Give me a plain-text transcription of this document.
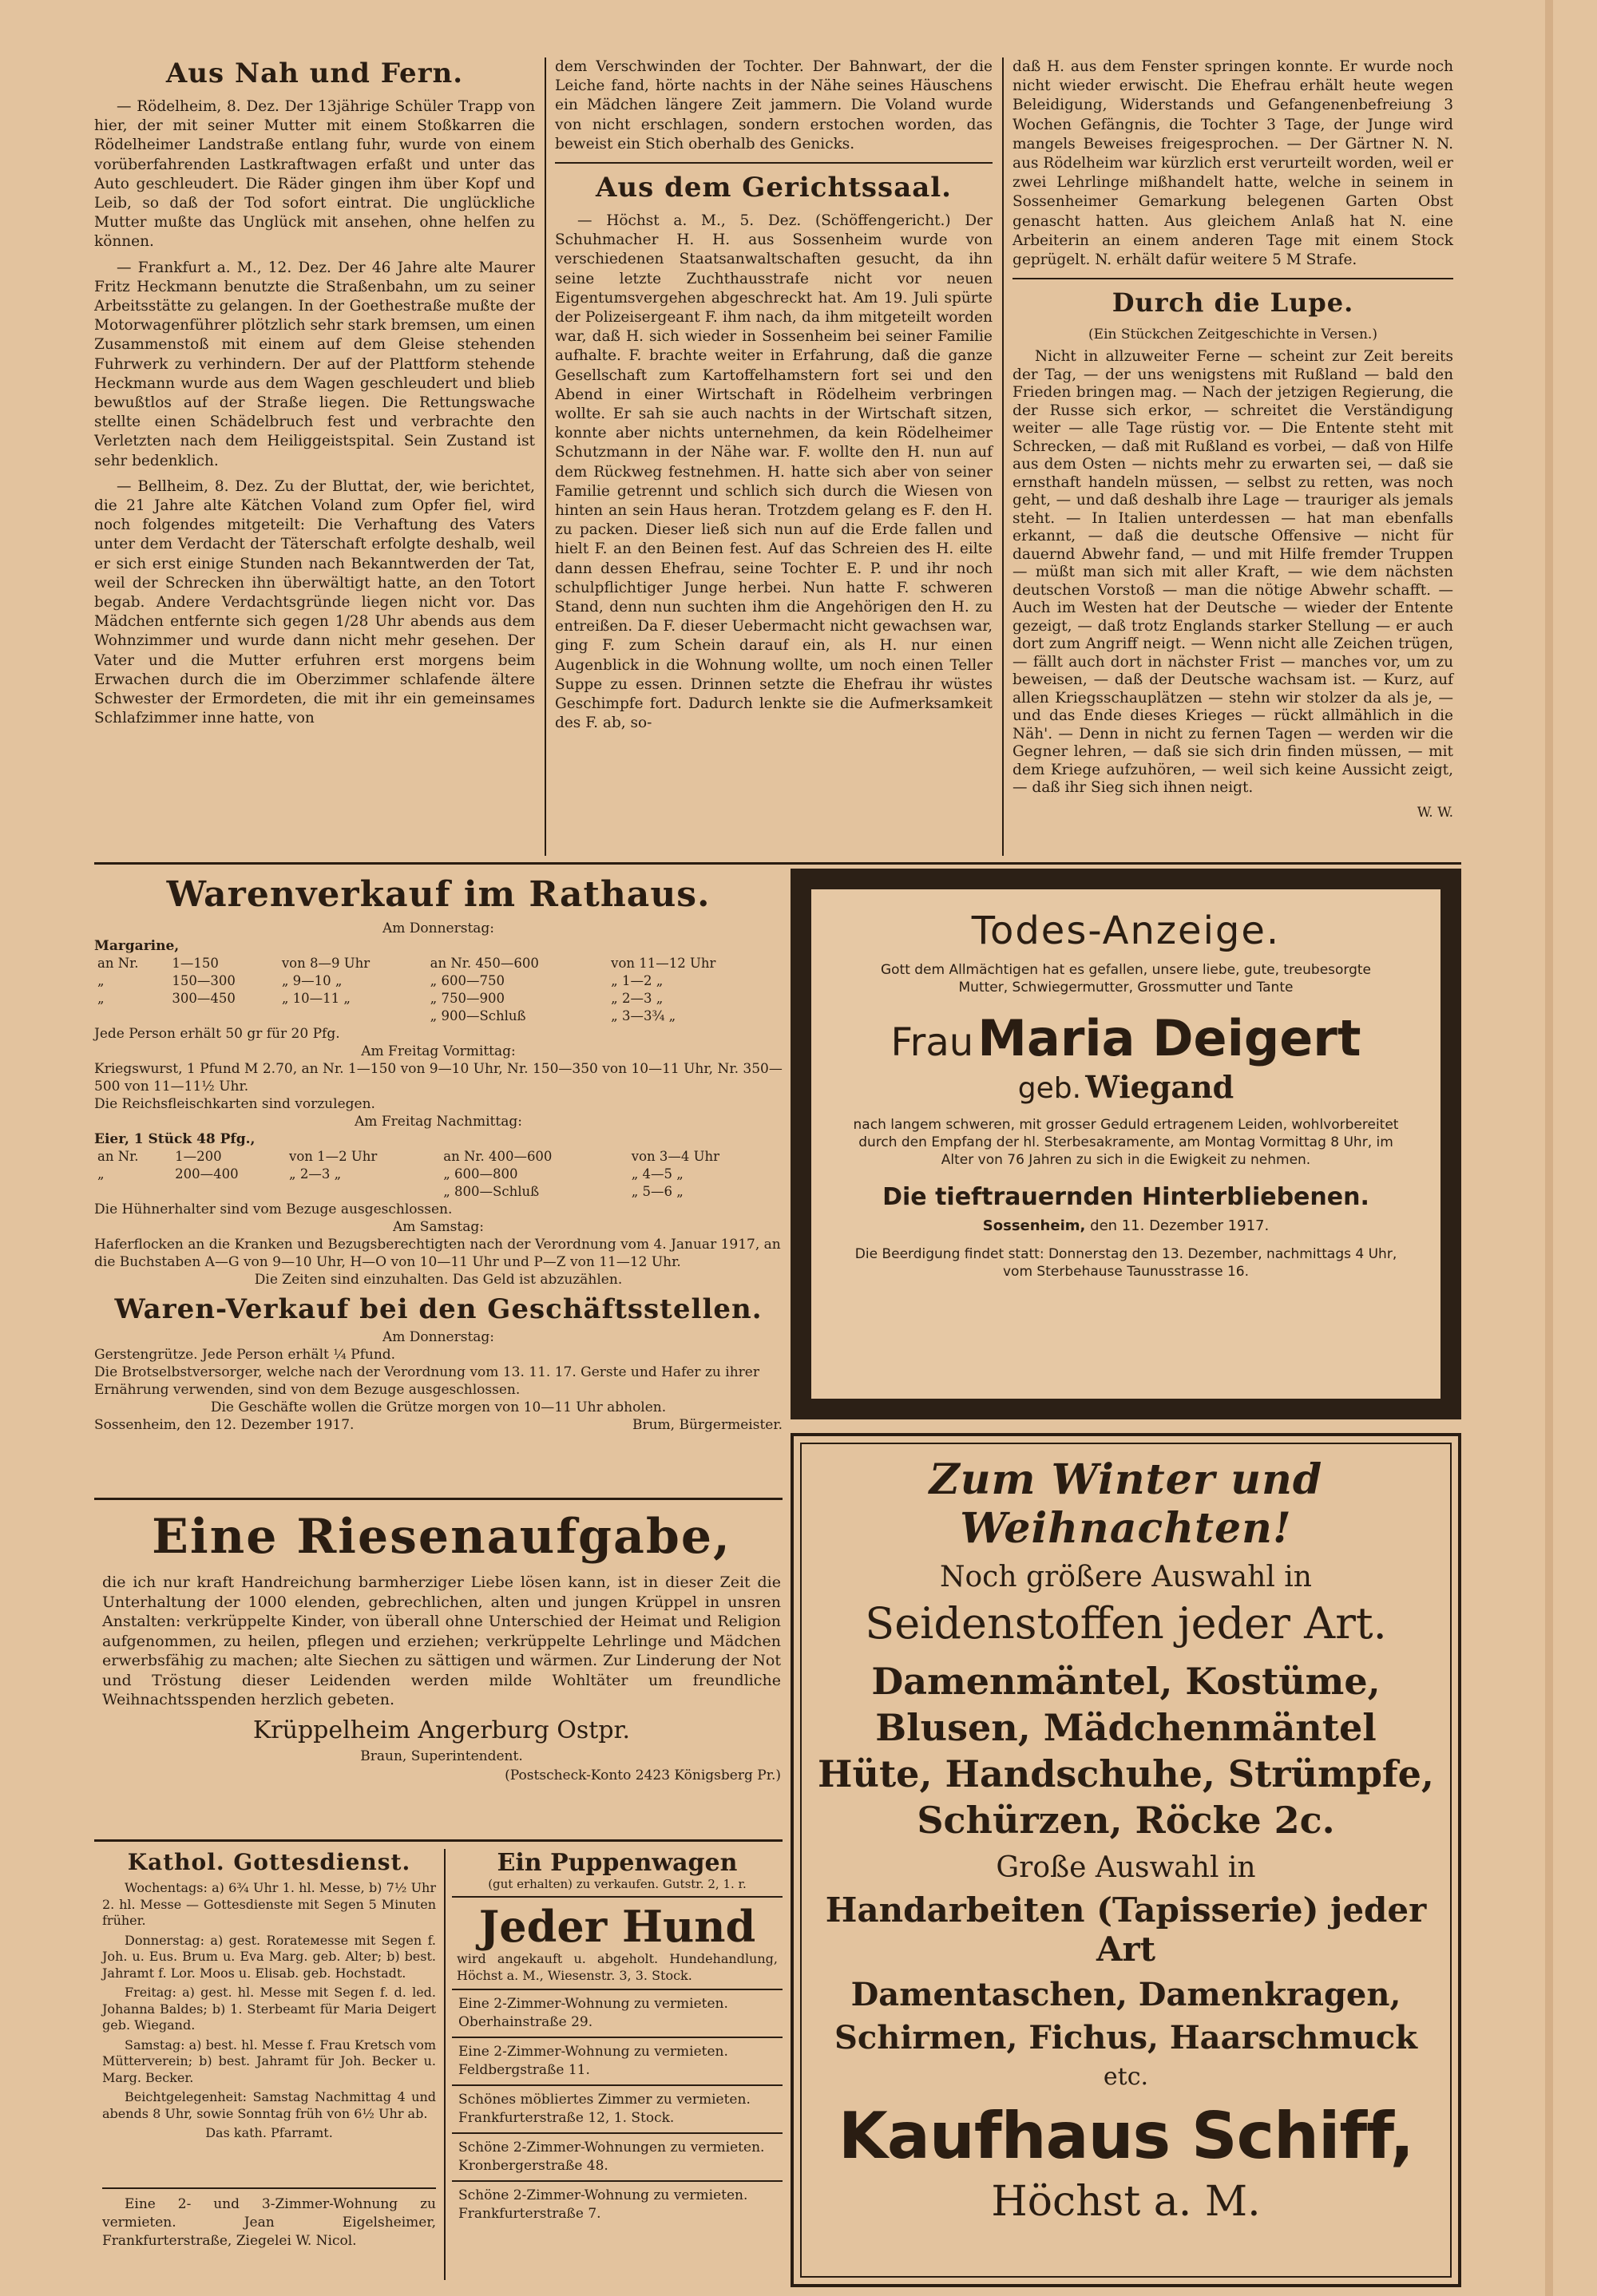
Aus Nah und Fern.

— Rödelheim, 8. Dez. Der 13jährige Schüler Trapp von hier, der mit seiner Mutter mit einem Stoßkarren die Rödelheimer Landstraße entlang fuhr, wurde von einem vorüberfahrenden Lastkraftwagen erfaßt und unter das Auto geschleudert. Die Räder gingen ihm über Kopf und Leib, so daß der Tod sofort eintrat. Die unglückliche Mutter mußte das Unglück mit ansehen, ohne helfen zu können.

— Frankfurt a. M., 12. Dez. Der 46 Jahre alte Maurer Fritz Heckmann benutzte die Straßenbahn, um zu seiner Arbeitsstätte zu gelangen. In der Goethestraße mußte der Motorwagenführer plötzlich sehr stark bremsen, um einen Zusammenstoß mit einem auf dem Gleise stehenden Fuhrwerk zu verhindern. Der auf der Plattform stehende Heckmann wurde aus dem Wagen geschleudert und blieb bewußtlos auf der Straße liegen. Die Rettungswache stellte einen Schädelbruch fest und verbrachte den Verletzten nach dem Heiliggeistspital. Sein Zustand ist sehr bedenklich.

— Bellheim, 8. Dez. Zu der Bluttat, der, wie berichtet, die 21 Jahre alte Kätchen Voland zum Opfer fiel, wird noch folgendes mitgeteilt: Die Verhaftung des Vaters unter dem Verdacht der Täterschaft erfolgte deshalb, weil er sich erst einige Stunden nach Bekanntwerden der Tat, weil der Schrecken ihn überwältigt hatte, an den Totort begab. Andere Verdachtsgründe liegen nicht vor. Das Mädchen entfernte sich gegen 1/28 Uhr abends aus dem Wohnzimmer und wurde dann nicht mehr gesehen. Der Vater und die Mutter erfuhren erst morgens beim Erwachen durch die im Oberzimmer schlafende ältere Schwester der Ermordeten, die mit ihr ein gemeinsames Schlafzimmer inne hatte, von

dem Verschwinden der Tochter. Der Bahnwart, der die Leiche fand, hörte nachts in der Nähe seines Häuschens ein Mädchen längere Zeit jammern. Die Voland wurde von nicht erschlagen, sondern erstochen worden, das beweist ein Stich oberhalb des Genicks.

Aus dem Gerichtssaal.

— Höchst a. M., 5. Dez. (Schöffengericht.) Der Schuhmacher H. H. aus Sossenheim wurde von verschiedenen Staatsanwaltschaften gesucht, da ihn seine letzte Zuchthausstrafe nicht vor neuen Eigentumsvergehen abgeschreckt hat. Am 19. Juli spürte der Polizeisergeant F. ihm nach, da ihm mitgeteilt worden war, daß H. sich wieder in Sossenheim bei seiner Familie aufhalte. F. brachte weiter in Erfahrung, daß die ganze Gesellschaft zum Kartoffelhamstern fort sei und den Abend in einer Wirtschaft in Rödelheim verbringen wollte. Er sah sie auch nachts in der Wirtschaft sitzen, konnte aber nichts unternehmen, da kein Rödelheimer Schutzmann in der Nähe war. F. wollte den H. nun auf dem Rückweg festnehmen. H. hatte sich aber von seiner Familie getrennt und schlich sich durch die Wiesen von hinten an sein Haus heran. Trotzdem gelang es F. den H. zu packen. Dieser ließ sich nun auf die Erde fallen und hielt F. an den Beinen fest. Auf das Schreien des H. eilte dann dessen Ehefrau, seine Tochter E. P. und ihr noch schulpflichtiger Junge herbei. Nun hatte F. schweren Stand, denn nun suchten ihm die Angehörigen den H. zu entreißen. Da F. dieser Uebermacht nicht gewachsen war, ging F. zum Schein darauf ein, als H. nur einen Augenblick in die Wohnung wollte, um noch einen Teller Suppe zu essen. Drinnen setzte die Ehefrau ihr wüstes Geschimpfe fort. Dadurch lenkte sie die Aufmerksamkeit des F. ab, so-

daß H. aus dem Fenster springen konnte. Er wurde noch nicht wieder erwischt. Die Ehefrau erhält heute wegen Beleidigung, Widerstands und Gefangenenbefreiung 3 Wochen Gefängnis, die Tochter 3 Tage, der Junge wird mangels Beweises freigesprochen. — Der Gärtner N. N. aus Rödelheim war kürzlich erst verurteilt worden, weil er zwei Lehrlinge mißhandelt hatte, welche in seinem in Sossenheimer Gemarkung belegenen Garten Obst genascht hatten. Aus gleichem Anlaß hat N. eine Arbeiterin an einem anderen Tage mit einem Stock geprügelt. N. erhält dafür weitere 5 M Strafe.

Durch die Lupe.

(Ein Stückchen Zeitgeschichte in Versen.)

Nicht in allzuweiter Ferne — scheint zur Zeit bereits der Tag, — der uns wenigstens mit Rußland — bald den Frieden bringen mag. — Nach der jetzigen Regierung, die der Russe sich erkor, — schreitet die Verständigung weiter — alle Tage rüstig vor. — Die Entente steht mit Schrecken, — daß mit Rußland es vorbei, — daß von Hilfe aus dem Osten — nichts mehr zu erwarten sei, — daß sie ernsthaft handeln müssen, — selbst zu retten, was noch geht, — und daß deshalb ihre Lage — trauriger als jemals steht. — In Italien unterdessen — hat man ebenfalls erkannt, — daß die deutsche Offensive — nicht für dauernd Abwehr fand, — und mit Hilfe fremder Truppen — müßt man sich mit aller Kraft, — wie dem nächsten deutschen Vorstoß — man die nötige Abwehr schafft. — Auch im Westen hat der Deutsche — wieder der Entente gezeigt, — daß trotz Englands starker Stellung — er auch dort zum Angriff neigt. — Wenn nicht alle Zeichen trügen, — fällt auch dort in nächster Frist — manches vor, um zu beweisen, — daß der Deutsche wachsam ist. — Kurz, auf allen Kriegsschauplätzen — stehn wir stolzer da als je, — und das Ende dieses Krieges — rückt allmählich in die Näh'. — Denn in nicht zu fernen Tagen — werden wir die Gegner lehren, — daß sie sich drin finden müssen, — mit dem Kriege aufzuhören, — weil sich keine Aussicht zeigt, — daß ihr Sieg sich ihnen neigt.

W. W.

Warenverkauf im Rathaus.

Am Donnerstag:

Margarine,

an Nr.	1—150	von 8—9 Uhr	an Nr. 450—600	von 11—12 Uhr
„	150—300	„ 9—10 „	„ 600—750	„ 1—2 „
„	300—450	„ 10—11 „	„ 750—900	„ 2—3 „
			„ 900—Schluß	„ 3—3¾ „

Jede Person erhält 50 gr für 20 Pfg.

Am Freitag Vormittag:

Kriegswurst, 1 Pfund M 2.70, an Nr. 1—150 von 9—10 Uhr, Nr. 150—350 von 10—11 Uhr, Nr. 350—500 von 11—11½ Uhr.

Die Reichsfleischkarten sind vorzulegen.

Am Freitag Nachmittag:

Eier, 1 Stück 48 Pfg.,

an Nr.	1—200	von 1—2 Uhr	an Nr. 400—600	von 3—4 Uhr
„	200—400	„ 2—3 „	„ 600—800	„ 4—5 „
			„ 800—Schluß	„ 5—6 „

Die Hühnerhalter sind vom Bezuge ausgeschlossen.

Am Samstag:

Haferflocken an die Kranken und Bezugsberechtigten nach der Verordnung vom 4. Januar 1917, an die Buchstaben A—G von 9—10 Uhr, H—O von 10—11 Uhr und P—Z von 11—12 Uhr.

Die Zeiten sind einzuhalten. Das Geld ist abzuzählen.

Waren-Verkauf bei den Geschäftsstellen.

Am Donnerstag:

Gerstengrütze. Jede Person erhält ¼ Pfund.

Die Brotselbstversorger, welche nach der Verordnung vom 13. 11. 17. Gerste und Hafer zu ihrer Ernährung verwenden, sind von dem Bezuge ausgeschlossen.

Die Geschäfte wollen die Grütze morgen von 10—11 Uhr abholen.

Sossenheim, den 12. Dezember 1917.	Brum, Bürgermeister.

Eine Riesenaufgabe,

die ich nur kraft Handreichung barmherziger Liebe lösen kann, ist in dieser Zeit die Unterhaltung der 1000 elenden, gebrechlichen, alten und jungen Krüppel in unsren Anstalten: verkrüppelte Kinder, von überall ohne Unterschied der Heimat und Religion aufgenommen, zu heilen, pflegen und erziehen; verkrüppelte Lehrlinge und Mädchen erwerbsfähig zu machen; alte Siechen zu sättigen und wärmen. Zur Linderung der Not und Tröstung dieser Leidenden werden milde Wohltäter um freundliche Weihnachtsspenden herzlich gebeten.

Krüppelheim Angerburg Ostpr.

Braun, Superintendent.

(Postscheck-Konto 2423 Königsberg Pr.)

Kathol. Gottesdienst.

Wochentags: a) 6¾ Uhr 1. hl. Messe, b) 7½ Uhr 2. hl. Messe — Gottesdienste mit Segen 5 Minuten früher.

Donnerstag: a) gest. Rorateмesse mit Segen f. Joh. u. Eus. Brum u. Eva Marg. geb. Alter; b) best. Jahramt f. Lor. Moos u. Elisab. geb. Hochstadt.

Freitag: a) gest. hl. Messe mit Segen f. d. led. Johanna Baldes; b) 1. Sterbeamt für Maria Deigert geb. Wiegand.

Samstag: a) best. hl. Messe f. Frau Kretsch vom Mütterverein; b) best. Jahramt für Joh. Becker u. Marg. Becker.

Beichtgelegenheit: Samstag Nachmittag 4 und abends 8 Uhr, sowie Sonntag früh von 6½ Uhr ab.

Das kath. Pfarramt.

Eine 2- und 3-Zimmer-Wohnung zu vermieten. Jean Eigelsheimer, Frankfurterstraße, Ziegelei W. Nicol.

Ein Puppenwagen

(gut erhalten) zu verkaufen. Gutstr. 2, 1. r.

Jeder Hund

wird angekauft u. abgeholt. Hundehandlung, Höchst a. M., Wiesenstr. 3, 3. Stock.

Eine 2-Zimmer-Wohnung zu vermieten. Oberhainstraße 29.
Eine 2-Zimmer-Wohnung zu vermieten. Feldbergstraße 11.
Schönes möbliertes Zimmer zu vermieten. Frankfurterstraße 12, 1. Stock.
Schöne 2-Zimmer-Wohnungen zu vermieten. Kronbergerstraße 48.
Schöne 2-Zimmer-Wohnung zu vermieten. Frankfurterstraße 7.

Todes-Anzeige.

Gott dem Allmächtigen hat es gefallen, unsere liebe, gute, treubesorgte Mutter, Schwiegermutter, Grossmutter und Tante

Frau Maria Deigert

geb. Wiegand

nach langem schweren, mit grosser Geduld ertragenem Leiden, wohlvorbereitet durch den Empfang der hl. Sterbesakramente, am Montag Vormittag 8 Uhr, im Alter von 76 Jahren zu sich in die Ewigkeit zu nehmen.

Die tieftrauernden Hinterbliebenen.

Sossenheim, den 11. Dezember 1917.

Die Beerdigung findet statt: Donnerstag den 13. Dezember, nachmittags 4 Uhr, vom Sterbehause Taunusstrasse 16.

Zum Winter und Weihnachten!

Noch größere Auswahl in

Seidenstoffen jeder Art.

Damenmäntel, Kostüme,

Blusen, Mädchenmäntel

Hüte, Handschuhe, Strümpfe,

Schürzen, Röcke 2c.

Große Auswahl in

Handarbeiten (Tapisserie) jeder Art

Damentaschen, Damenkragen,

Schirmen, Fichus, Haarschmuck

etc.

Kaufhaus Schiff,

Höchst a. M.
